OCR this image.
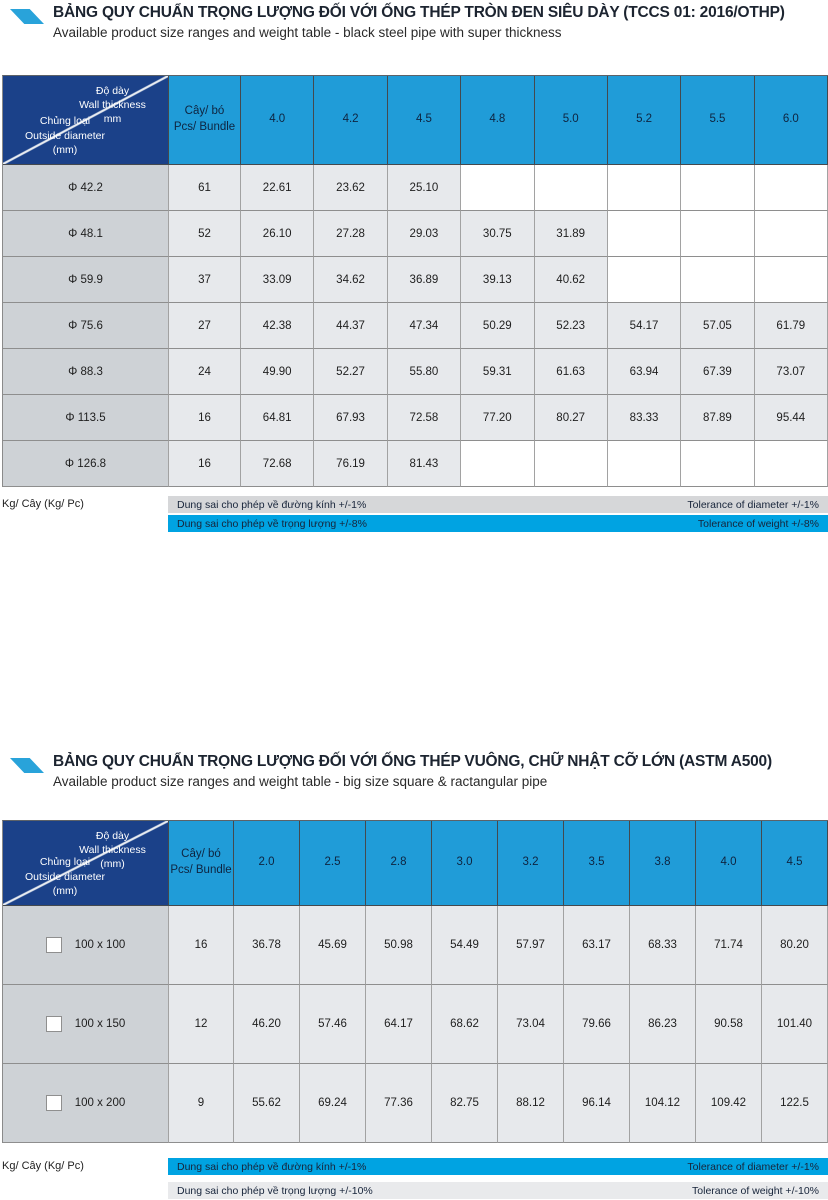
BẢNG QUY CHUẨN TRỌNG LƯỢNG ĐỐI VỚI ỐNG THÉP TRÒN ĐEN SIÊU DÀY (TCCS 01: 2016/OTHP)
Available product size ranges and weight table - black steel pipe with super thickness
Độ dày
Wall thickness
mm
Chủng loại
Outside diameter
(mm)
Cây/ bó
Pcs/ Bundle
4.0	4.2	4.5	4.8	5.0	5.2	5.5	6.0
Φ 42.2	61	22.61	23.62	25.10
Φ 48.1	52	26.10	27.28	29.03	30.75	31.89
Φ 59.9	37	33.09	34.62	36.89	39.13	40.62
Φ 75.6	27	42.38	44.37	47.34	50.29	52.23	54.17	57.05	61.79
Φ 88.3	24	49.90	52.27	55.80	59.31	61.63	63.94	67.39	73.07
Φ 113.5	16	64.81	67.93	72.58	77.20	80.27	83.33	87.89	95.44
Φ 126.8	16	72.68	76.19	81.43
Kg/ Cây (Kg/ Pc)	Dung sai cho phép về đường kính +/-1%	Tolerance of diameter +/-1%
Dung sai cho phép về trọng lượng +/-8%	Tolerance of weight +/-8%
BẢNG QUY CHUẨN TRỌNG LƯỢNG ĐỐI VỚI ỐNG THÉP VUÔNG, CHỮ NHẬT CỠ LỚN (ASTM A500)
Available product size ranges and weight table - big size square & ractangular pipe
Độ dày
Wall thickness
(mm)
Chủng loại
Outside diameter
(mm)
Cây/ bó
Pcs/ Bundle
2.0	2.5	2.8	3.0	3.2	3.5	3.8	4.0	4.5
100 x 100	16	36.78	45.69	50.98	54.49	57.97	63.17	68.33	71.74	80.20
100 x 150	12	46.20	57.46	64.17	68.62	73.04	79.66	86.23	90.58	101.40
100 x 200	9	55.62	69.24	77.36	82.75	88.12	96.14	104.12	109.42	122.5
Kg/ Cây (Kg/ Pc)	Dung sai cho phép về đường kính +/-1%	Tolerance of diameter +/-1%
Dung sai cho phép về trọng lượng +/-10%	Tolerance of weight +/-10%
